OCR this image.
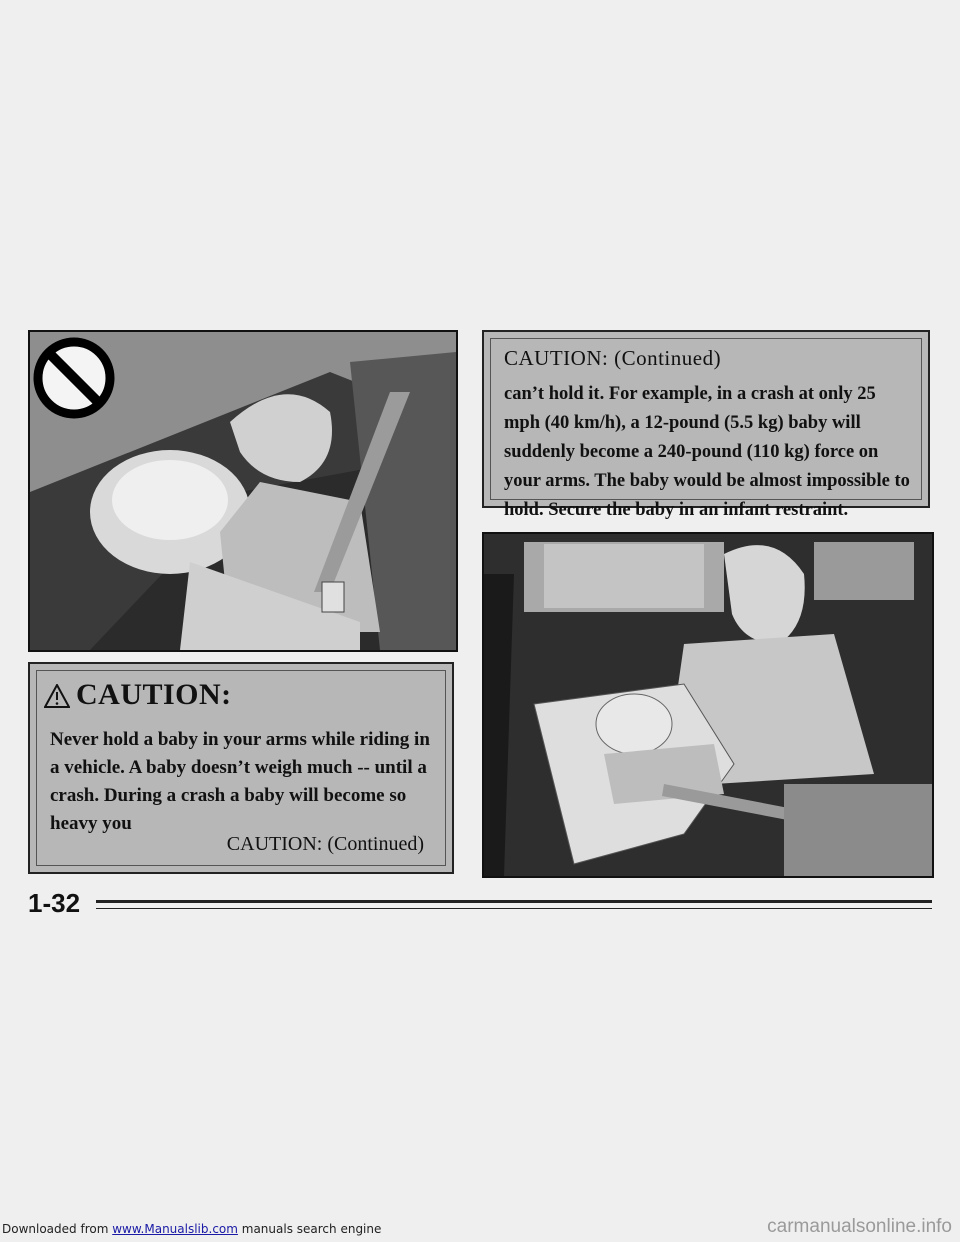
CAUTION:
Never hold a baby in your arms while riding in a vehicle. A baby doesn’t weigh much -- until a crash. During a crash a baby will become so heavy you
CAUTION: (Continued)
CAUTION: (Continued)
can’t hold it. For example, in a crash at only 25 mph (40 km/h), a 12-pound (5.5 kg) baby will suddenly become a 240-pound (110 kg) force on your arms. The baby would be almost impossible to hold. Secure the baby in an infant restraint.
1-32
Downloaded from www.Manualslib.com manuals search engine	carmanualsonline.info
